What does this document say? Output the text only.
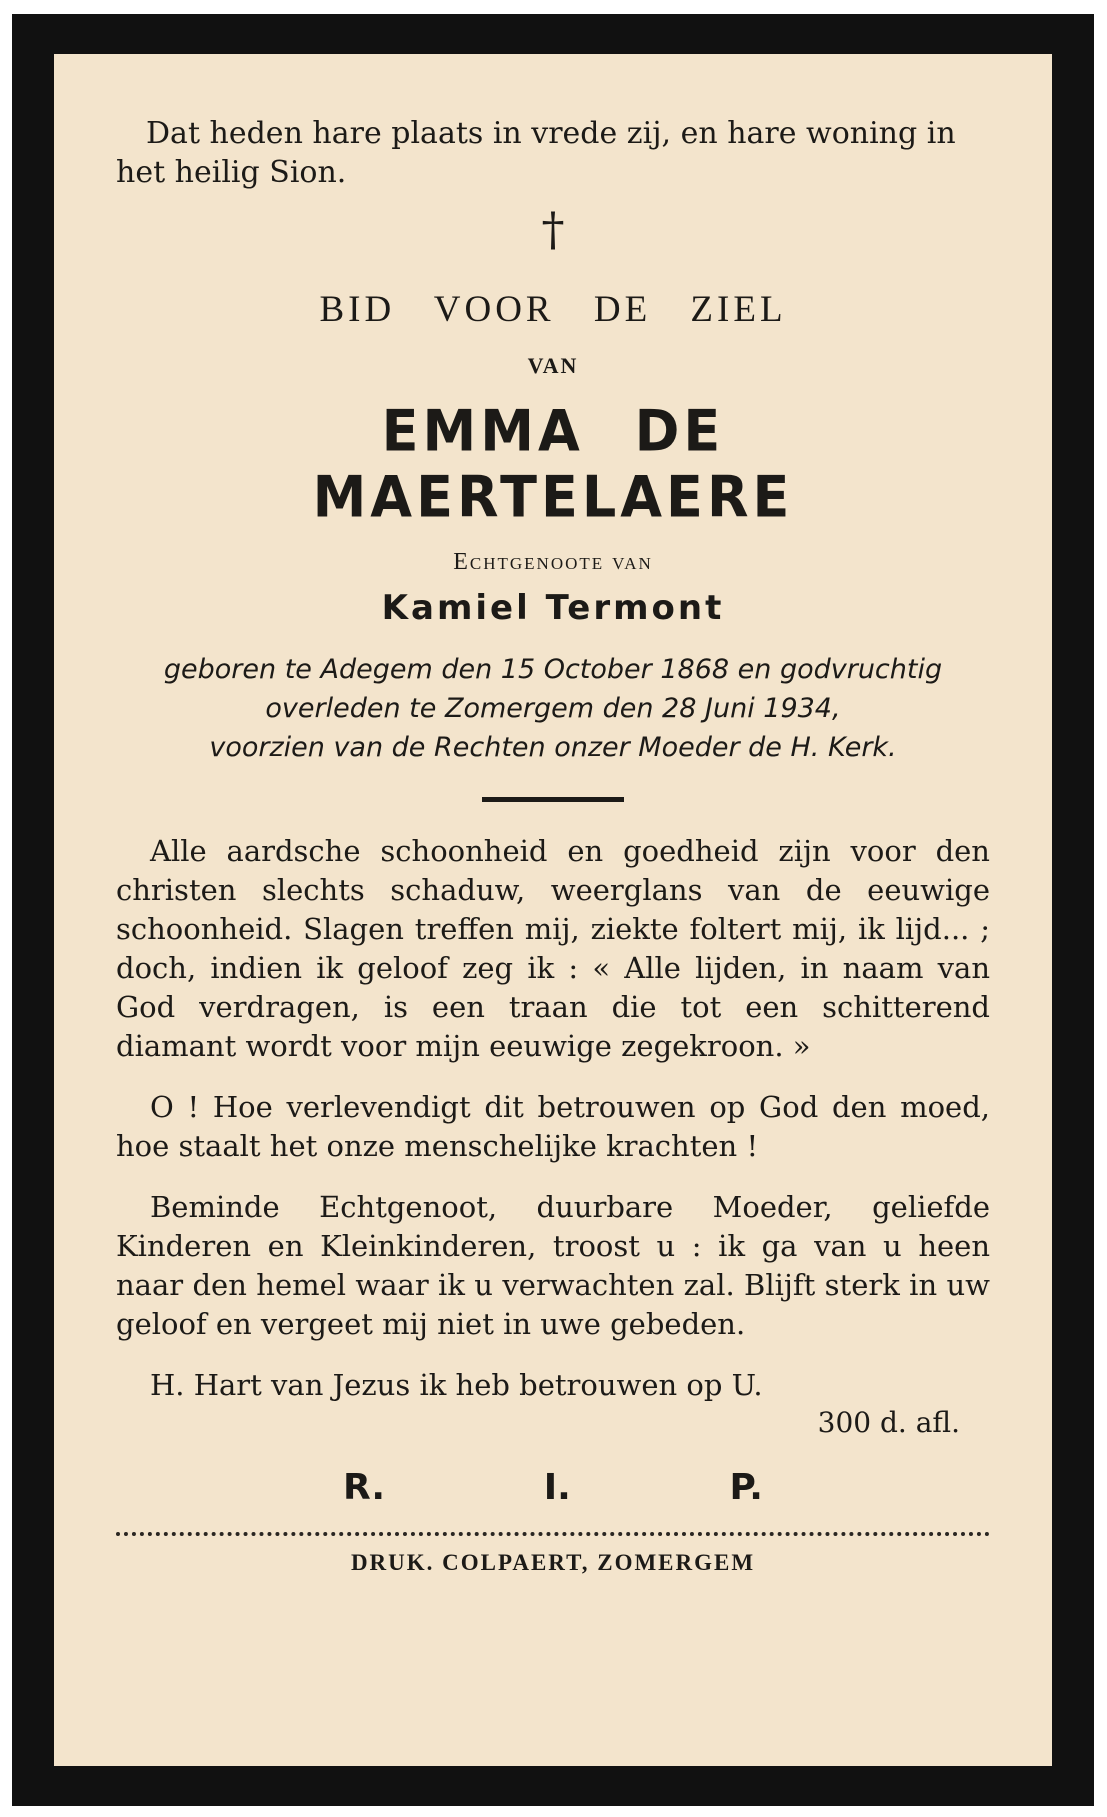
Dat heden hare plaats in vrede zij, en hare woning in het heilig Sion.

†
BID VOOR DE ZIEL
VAN
EMMA DE MAERTELAERE
Echtgenoote van
Kamiel Termont
geboren te Adegem den 15 October 1868 en godvruchtig
overleden te Zomergem den 28 Juni 1934,
voorzien van de Rechten onzer Moeder de H. Kerk.

Alle aardsche schoonheid en goedheid zijn voor den christen slechts schaduw, weerglans van de eeuwige schoonheid. Slagen treffen mij, ziekte foltert mij, ik lijd... ; doch, indien ik geloof zeg ik : « Alle lijden, in naam van God verdragen, is een traan die tot een schitterend diamant wordt voor mijn eeuwige zegekroon. »

O ! Hoe verlevendigt dit betrouwen op God den moed, hoe staalt het onze menschelijke krachten !

Beminde Echtgenoot, duurbare Moeder, geliefde Kinderen en Kleinkinderen, troost u : ik ga van u heen naar den hemel waar ik u verwachten zal. Blijft sterk in uw geloof en vergeet mij niet in uwe gebeden.

H. Hart van Jezus ik heb betrouwen op U.
300 d. afl.
R.	I.	P.
DRUK. COLPAERT, ZOMERGEM
